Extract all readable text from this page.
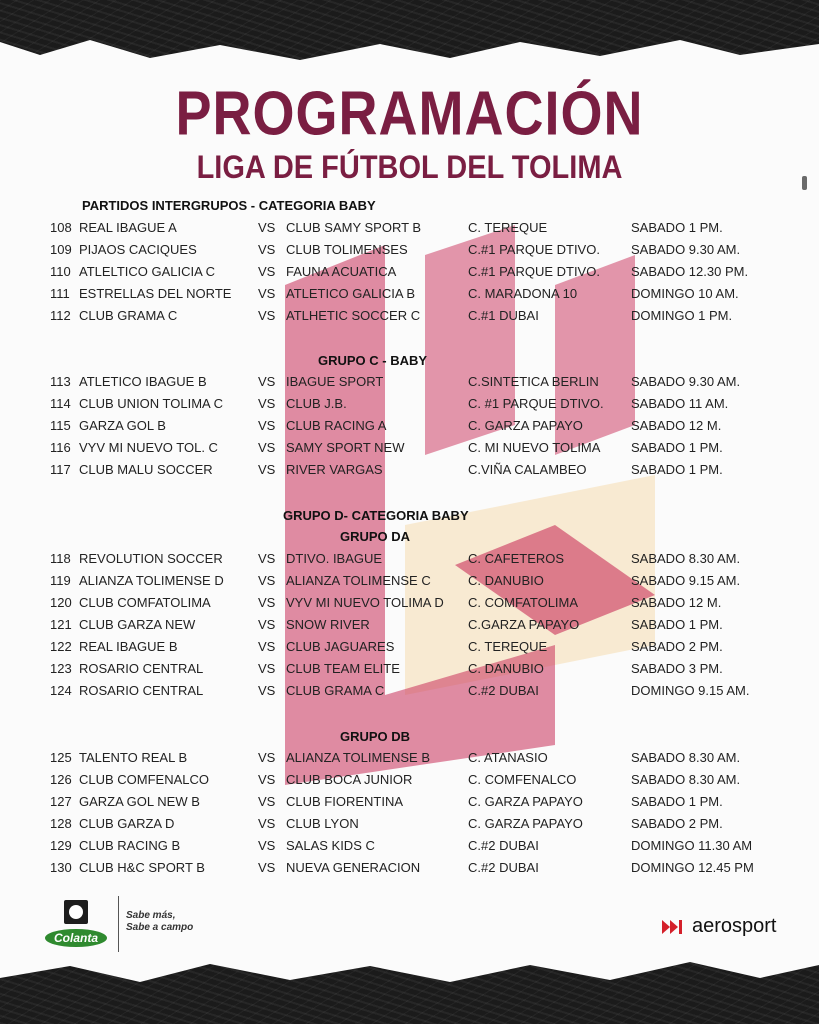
PROGRAMACIÓN
LIGA DE FÚTBOL DEL TOLIMA
PARTIDOS INTERGRUPOS - CATEGORIA BABY
108 REAL IBAGUE A	VS CLUB SAMY SPORT B	C. TEREQUE	SABADO 1 PM.
109 PIJAOS CACIQUES	VS CLUB TOLIMENSES	C.#1 PARQUE DTIVO. SABADO 9.30 AM.
110 ATLELTICO GALICIA C	VS FAUNA ACUATICA	C.#1 PARQUE DTIVO. SABADO 12.30 PM.
111 ESTRELLAS DEL NORTE VS ATLETICO GALICIA B	C. MARADONA 10	DOMINGO 10 AM.
112 CLUB GRAMA C	VS ATLHETIC SOCCER C	C.#1 DUBAI	DOMINGO 1 PM.
GRUPO C - BABY
113 ATLETICO IBAGUE B	VS IBAGUE SPORT	C.SINTETICA BERLIN SABADO 9.30 AM.
114 CLUB UNION TOLIMA C	VS CLUB J.B.	C. #1 PARQUE DTIVO. SABADO 11 AM.
115 GARZA GOL B	VS CLUB RACING A	C. GARZA PAPAYO	SABADO 12 M.
116 VYV MI NUEVO TOL. C	VS SAMY SPORT NEW	C. MI NUEVO TOLIMA SABADO 1 PM.
117 CLUB MALU SOCCER	VS RIVER VARGAS	C.VIÑA CALAMBEO	SABADO 1 PM.
GRUPO D- CATEGORIA BABY
GRUPO DA
118 REVOLUTION SOCCER	VS DTIVO. IBAGUE	C. CAFETEROS	SABADO 8.30 AM.
119 ALIANZA TOLIMENSE D	VS ALIANZA TOLIMENSE C	C. DANUBIO	SABADO 9.15 AM.
120 CLUB COMFATOLIMA	VS VYV MI NUEVO TOLIMA D C. COMFATOLIMA	SABADO 12 M.
121 CLUB GARZA NEW	VS SNOW RIVER	C.GARZA PAPAYO	SABADO 1 PM.
122 REAL IBAGUE B	VS CLUB JAGUARES	C. TEREQUE	SABADO 2 PM.
123 ROSARIO CENTRAL	VS CLUB TEAM ELITE	C. DANUBIO	SABADO 3 PM.
124 ROSARIO CENTRAL	VS CLUB GRAMA C	C.#2 DUBAI	DOMINGO 9.15 AM.
GRUPO DB
125 TALENTO REAL B	VS ALIANZA TOLIMENSE B	C. ATANASIO	SABADO 8.30 AM.
126 CLUB COMFENALCO	VS CLUB BOCA JUNIOR	C. COMFENALCO	SABADO 8.30 AM.
127 GARZA GOL NEW B	VS CLUB FIORENTINA	C. GARZA PAPAYO	SABADO 1 PM.
128 CLUB GARZA D	VS CLUB LYON	C. GARZA PAPAYO	SABADO 2 PM.
129 CLUB RACING B	VS SALAS KIDS C	C.#2 DUBAI	DOMINGO 11.30 AM
130 CLUB H&C SPORT B	VS NUEVA GENERACION	C.#2 DUBAI	DOMINGO 12.45 PM
Colanta
Sabe más,
Sabe a campo	aerosport
